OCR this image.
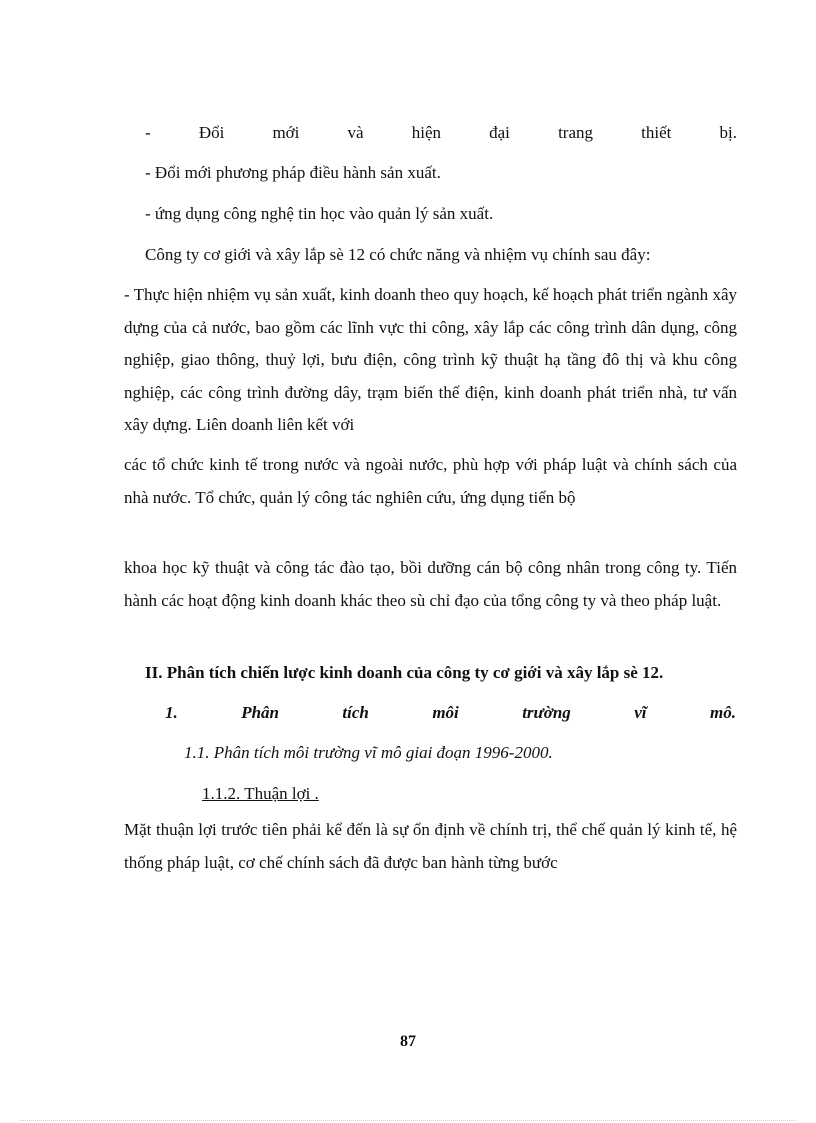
-	Đổi	mới	và	hiện	đại	trang	thiết	bị.
- Đổi mới phương pháp điều hành sản xuất.
- ứng dụng công nghệ tin học vào quản lý sản xuất.
Công ty cơ giới và xây lắp sè 12 có chức năng và nhiệm vụ chính sau đây:
- Thực hiện nhiệm vụ sản xuất, kinh doanh theo quy hoạch, kế hoạch phát triển ngành xây dựng của cả nước, bao gồm các lĩnh vực thi công, xây lắp các công trình dân dụng, công nghiệp, giao thông, thuỷ lợi, bưu điện, công trình kỹ thuật hạ tầng đô thị và khu công nghiệp, các công trình đường dây, trạm biến thế điện, kinh doanh phát triển nhà, tư vấn xây dựng. Liên doanh liên kết với
các tổ chức kinh tế trong nước và ngoài nước, phù hợp với pháp luật và chính sách của nhà nước. Tổ chức, quản lý công tác nghiên cứu, ứng dụng tiến bộ
khoa học kỹ thuật và công tác đào tạo, bồi dưỡng cán bộ công nhân trong công ty. Tiến hành các hoạt động kinh doanh khác theo sù chỉ đạo của tổng công ty và theo pháp luật.
II. Phân tích chiến lược kinh doanh của công ty cơ giới và xây lắp sè 12.
1.	Phân	tích	môi	trường	vĩ	mô.
1.1. Phân tích môi trường vĩ mô giai đoạn 1996-2000.
1.1.2. Thuận lợi .
Mặt thuận lợi trước tiên phải kể đến là sự ổn định về chính trị, thể chế quản lý kinh tế, hệ thống pháp luật, cơ chế chính sách đã được ban hành từng bước
87
